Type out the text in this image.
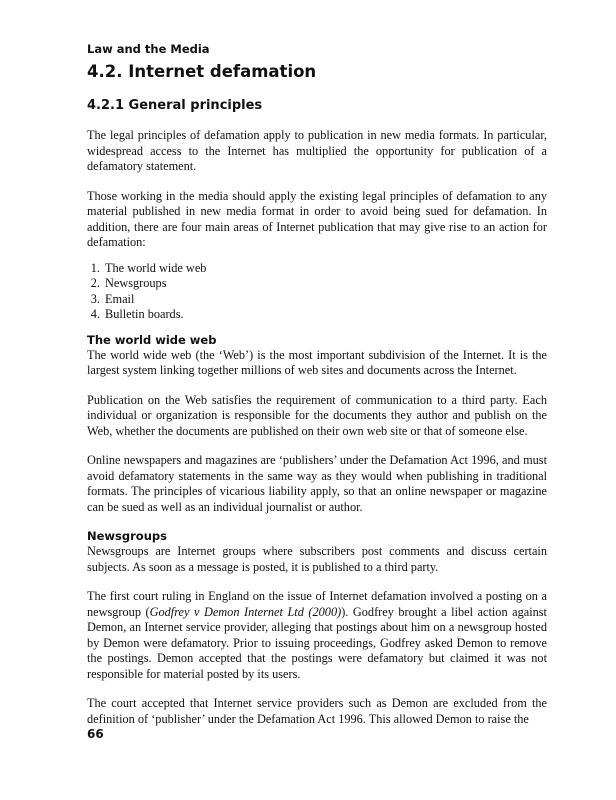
Law and the Media
4.2. Internet defamation
4.2.1 General principles

The legal principles of defamation apply to publication in new media formats. In particular, widespread access to the Internet has multiplied the opportunity for publication of a defamatory statement.

Those working in the media should apply the existing legal principles of defamation to any material published in new media format in order to avoid being sued for defamation. In addition, there are four main areas of Internet publication that may give rise to an action for defamation:

1. The world wide web
2. Newsgroups
3. Email
4. Bulletin boards.
The world wide web

The world wide web (the ‘Web’) is the most important subdivision of the Internet. It is the largest system linking together millions of web sites and documents across the Internet.

Publication on the Web satisfies the requirement of communication to a third party. Each individual or organization is responsible for the documents they author and publish on the Web, whether the documents are published on their own web site or that of someone else.

Online newspapers and magazines are ‘publishers’ under the Defamation Act 1996, and must avoid defamatory statements in the same way as they would when publishing in traditional formats. The principles of vicarious liability apply, so that an online newspaper or magazine can be sued as well as an individual journalist or author.

Newsgroups

Newsgroups are Internet groups where subscribers post comments and discuss certain subjects. As soon as a message is posted, it is published to a third party.

The first court ruling in England on the issue of Internet defamation involved a posting on a newsgroup (Godfrey v Demon Internet Ltd (2000)). Godfrey brought a libel action against Demon, an Internet service provider, alleging that postings about him on a newsgroup hosted by Demon were defamatory. Prior to issuing proceedings, Godfrey asked Demon to remove the postings. Demon accepted that the postings were defamatory but claimed it was not responsible for material posted by its users.

The court accepted that Internet service providers such as Demon are excluded from the definition of ‘publisher’ under the Defamation Act 1996. This allowed Demon to raise the

66
